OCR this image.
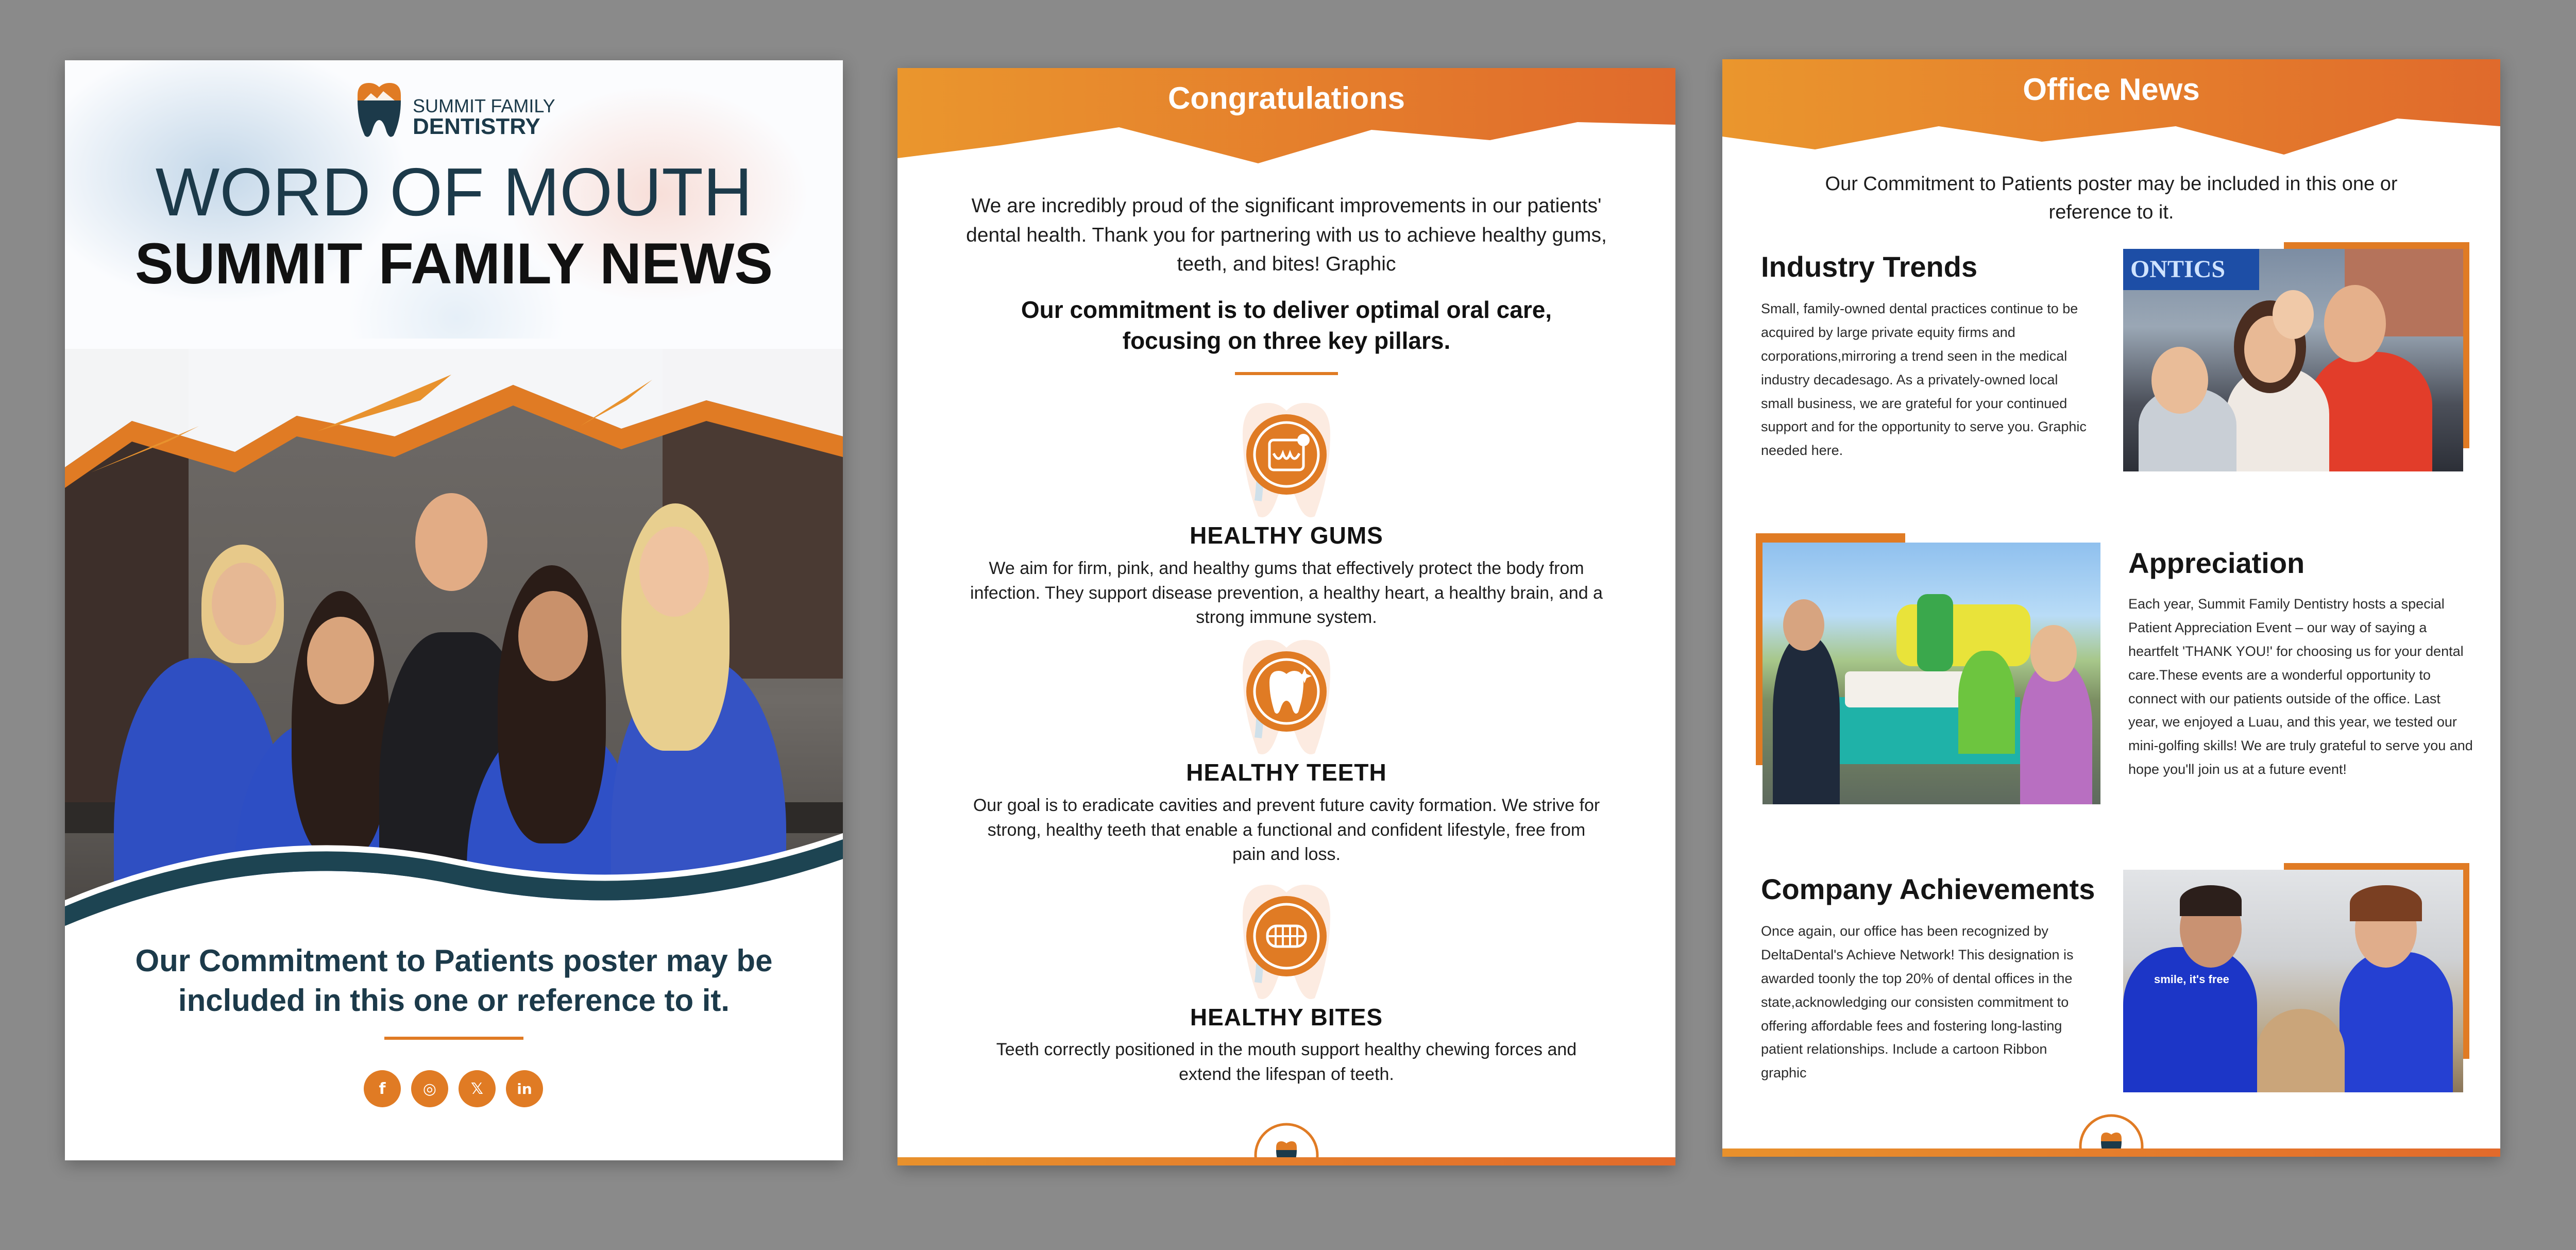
SUMMIT FAMILY
DENTISTRY
WORD OF MOUTH
SUMMIT FAMILY NEWS
Our Commitment to Patients poster may be included in this one or reference to it.
f	◎	𝕏	in
Congratulations
We are incredibly proud of the significant improvements in our patients' dental health. Thank you for partnering with us to achieve healthy gums, teeth, and bites! Graphic
Our commitment is to deliver optimal oral care, focusing on three key pillars.
HEALTHY GUMS
We aim for firm, pink, and healthy gums that effectively protect the body from infection. They support disease prevention, a healthy heart, a healthy brain, and a strong immune system.
HEALTHY TEETH
Our goal is to eradicate cavities and prevent future cavity formation. We strive for strong, healthy teeth that enable a functional and confident lifestyle, free from pain and loss.
HEALTHY BITES
Teeth correctly positioned in the mouth support healthy chewing forces and extend the lifespan of teeth.
Office News
Our Commitment to Patients poster may be included in this one or reference to it.
Industry Trends
Small, family-owned dental practices continue to be acquired by large private equity firms and corporations,mirroring a trend seen in the medical industry decadesago. As a privately-owned local small business, we are grateful for your continued support and for the opportunity to serve you. Graphic needed here.
ONTICS
Appreciation
Each year, Summit Family Dentistry hosts a special Patient Appreciation Event – our way of saying a heartfelt 'THANK YOU!' for choosing us for your dental care.These events are a wonderful opportunity to connect with our patients outside of the office. Last year, we enjoyed a Luau, and this year, we tested our mini-golfing skills! We are truly grateful to serve you and hope you'll join us at a future event!
Company Achievements
Once again, our office has been recognized by DeltaDental's Achieve Network! This designation is awarded toonly the top 20% of dental offices in the state,acknowledging our consisten commitment to offering affordable fees and fostering long-lasting patient relationships. Include a cartoon Ribbon graphic
smile, it's free
